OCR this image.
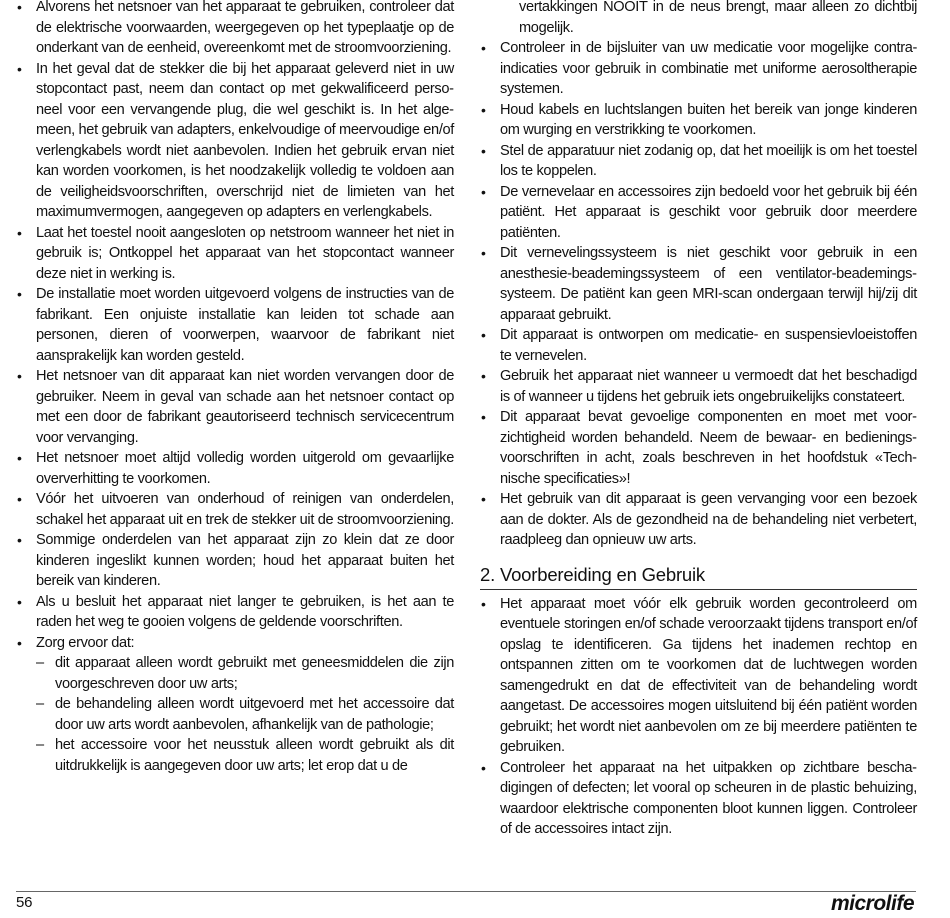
• Alvorens het netsnoer van het apparaat te gebruiken, controleer dat de elektrische voorwaarden, weergegeven op het typeplaatje op de onderkant van de eenheid, overeenkomt met de stroomvoorziening.
• In het geval dat de stekker die bij het apparaat geleverd niet in uw stopcontact past, neem dan contact op met gekwalificeerd personeel voor een vervangende plug, die wel geschikt is. In het algemeen, het gebruik van adapters, enkelvoudige of meervoudige en/of verlengkabels wordt niet aanbevolen. Indien het gebruik ervan niet kan worden voorkomen, is het noodzakelijk volledig te voldoen aan de veiligheidsvoorschriften, overschrijd niet de limieten van het maximumvermogen, aangegeven op adapters en verlengkabels.
• Laat het toestel nooit aangesloten op netstroom wanneer het niet in gebruik is; Ontkoppel het apparaat van het stopcontact wanneer deze niet in werking is.
• De installatie moet worden uitgevoerd volgens de instructies van de fabrikant. Een onjuiste installatie kan leiden tot schade aan personen, dieren of voorwerpen, waarvoor de fabrikant niet aansprakelijk kan worden gesteld.
• Het netsnoer van dit apparaat kan niet worden vervangen door de gebruiker. Neem in geval van schade aan het netsnoer contact op met een door de fabrikant geautoriseerd technisch servicecentrum voor vervanging.
• Het netsnoer moet altijd volledig worden uitgerold om gevaarlijke oververhitting te voorkomen.
• Vóór het uitvoeren van onderhoud of reinigen van onderdelen, schakel het apparaat uit en trek de stekker uit de stroomvoorziening.
• Sommige onderdelen van het apparaat zijn zo klein dat ze door kinderen ingeslikt kunnen worden; houd het apparaat buiten het bereik van kinderen.
• Als u besluit het apparaat niet langer te gebruiken, is het aan te raden het weg te gooien volgens de geldende voorschriften.
• Zorg ervoor dat:
– dit apparaat alleen wordt gebruikt met geneesmiddelen die zijn voorgeschreven door uw arts;
– de behandeling alleen wordt uitgevoerd met het accessoire dat door uw arts wordt aanbevolen, afhankelijk van de pathologie;
– het accessoire voor het neusstuk alleen wordt gebruikt als dit uitdrukkelijk is aangegeven door uw arts; let erop dat u de
vertakkingen NOOIT in de neus brengt, maar alleen zo dichtbij mogelijk.
• Controleer in de bijsluiter van uw medicatie voor mogelijke contra-indicaties voor gebruik in combinatie met uniforme aerosoltherapie systemen.
• Houd kabels en luchtslangen buiten het bereik van jonge kinderen om wurging en verstrikking te voorkomen.
• Stel de apparatuur niet zodanig op, dat het moeilijk is om het toestel los te koppelen.
• De vernevelaar en accessoires zijn bedoeld voor het gebruik bij één patiënt. Het apparaat is geschikt voor gebruik door meerdere patiënten.
• Dit vernevelingssysteem is niet geschikt voor gebruik in een anesthesie-beademingssysteem of een ventilator-beademingssysteem. De patiënt kan geen MRI-scan ondergaan terwijl hij/zij dit apparaat gebruikt.
• Dit apparaat is ontworpen om medicatie- en suspensievloeistoffen te vernevelen.
• Gebruik het apparaat niet wanneer u vermoedt dat het beschadigd is of wanneer u tijdens het gebruik iets ongebruikelijks constateert.
• Dit apparaat bevat gevoelige componenten en moet met voorzichtigheid worden behandeld. Neem de bewaar- en bedieningsvoorschriften in acht, zoals beschreven in het hoofdstuk «Technische specificaties»!
• Het gebruik van dit apparaat is geen vervanging voor een bezoek aan de dokter. Als de gezondheid na de behandeling niet verbetert, raadpleeg dan opnieuw uw arts.
2. Voorbereiding en Gebruik
• Het apparaat moet vóór elk gebruik worden gecontroleerd om eventuele storingen en/of schade veroorzaakt tijdens transport en/of opslag te identificeren. Ga tijdens het inademen rechtop en ontspannen zitten om te voorkomen dat de luchtwegen worden samengedrukt en dat de effectiviteit van de behandeling wordt aangetast. De accessoires mogen uitsluitend bij één patiënt worden gebruikt; het wordt niet aanbevolen om ze bij meerdere patiënten te gebruiken.
• Controleer het apparaat na het uitpakken op zichtbare beschadigingen of defecten; let vooral op scheuren in de plastic behuizing, waardoor elektrische componenten bloot kunnen liggen. Controleer of de accessoires intact zijn.
56	microlife
